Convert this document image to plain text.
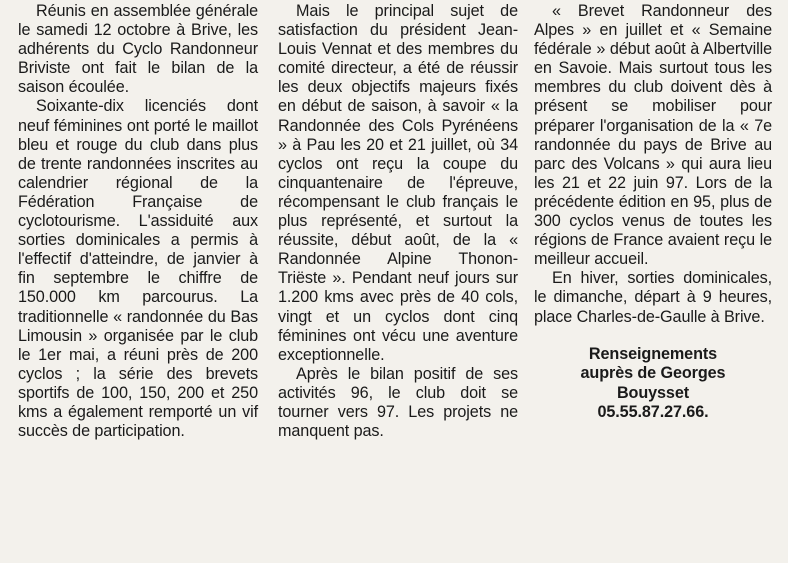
Réunis en assemblée générale le samedi 12 octobre à Brive, les adhérents du Cyclo Randonneur Briviste ont fait le bilan de la saison écoulée.

Soixante-dix licenciés dont neuf féminines ont porté le maillot bleu et rouge du club dans plus de trente randonnées inscrites au calendrier régional de la Fédération Française de cyclotourisme. L'assiduité aux sorties dominicales a permis à l'effectif d'atteindre, de janvier à fin septembre le chiffre de 150.000 km parcourus. La traditionnelle « randonnée du Bas Limousin » organisée par le club le 1er mai, a réuni près de 200 cyclos ; la série des brevets sportifs de 100, 150, 200 et 250 kms a également remporté un vif succès de participation.

Mais le principal sujet de satisfaction du président Jean-Louis Vennat et des membres du comité directeur, a été de réussir les deux objectifs majeurs fixés en début de saison, à savoir « la Randonnée des Cols Pyrénéens » à Pau les 20 et 21 juillet, où 34 cyclos ont reçu la coupe du cinquantenaire de l'épreuve, récompensant le club français le plus représenté, et surtout la réussite, début août, de la « Randonnée Alpine Thonon-Triëste ». Pendant neuf jours sur 1.200 kms avec près de 40 cols, vingt et un cyclos dont cinq féminines ont vécu une aventure exceptionnelle.

Après le bilan positif de ses activités 96, le club doit se tourner vers 97. Les projets ne manquent pas.

« Brevet Randonneur des Alpes » en juillet et « Semaine fédérale » début août à Albertville en Savoie. Mais surtout tous les membres du club doivent dès à présent se mobiliser pour préparer l'organisation de la « 7e randonnée du pays de Brive au parc des Volcans » qui aura lieu les 21 et 22 juin 97. Lors de la précédente édition en 95, plus de 300 cyclos venus de toutes les régions de France avaient reçu le meilleur accueil.

En hiver, sorties dominicales, le dimanche, départ à 9 heures, place Charles-de-Gaulle à Brive.

Renseignements
auprès de Georges
Bouysset
05.55.87.27.66.
